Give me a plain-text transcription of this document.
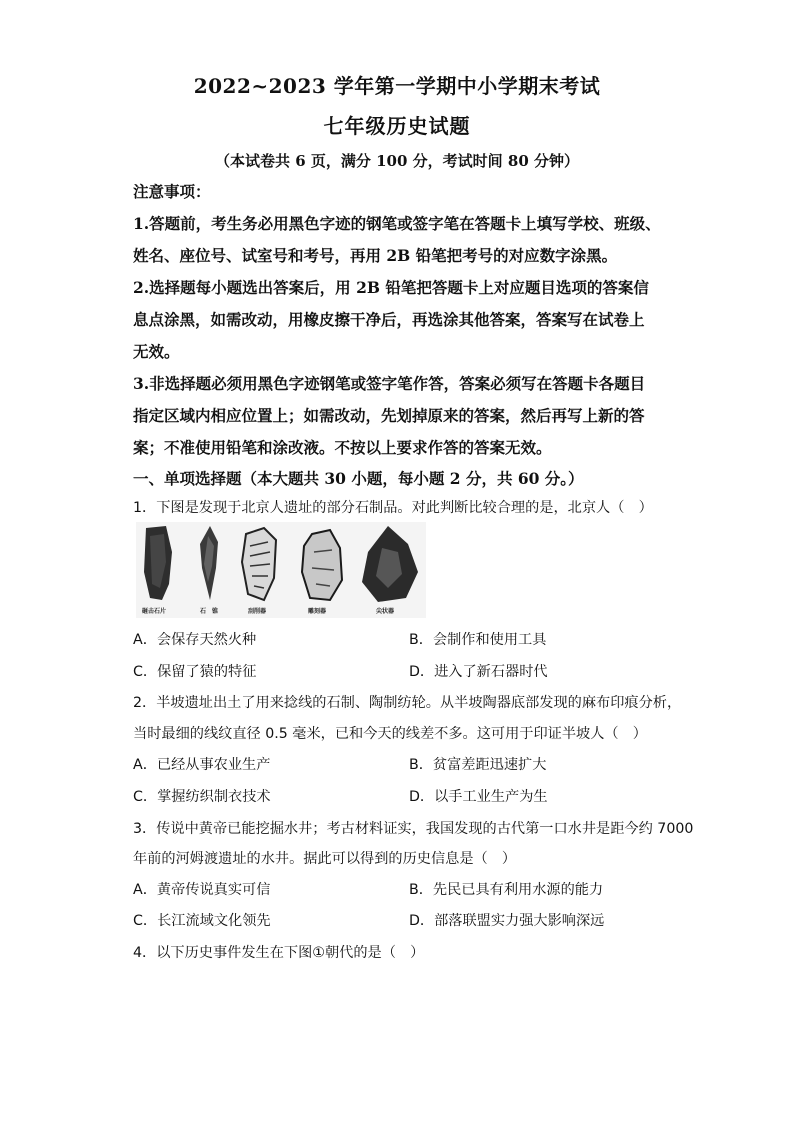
2022~2023 学年第一学期中小学期末考试
七年级历史试题
（本试卷共 6 页，满分 100 分，考试时间 80 分钟）
注意事项：
1.答题前，考生务必用黑色字迹的钢笔或签字笔在答题卡上填写学校、班级、
姓名、座位号、试室号和考号，再用 2B 铅笔把考号的对应数字涂黑。
2.选择题每小题选出答案后，用 2B 铅笔把答题卡上对应题目选项的答案信
息点涂黑，如需改动，用橡皮擦干净后，再选涂其他答案，答案写在试卷上
无效。
3.非选择题必须用黑色字迹钢笔或签字笔作答，答案必须写在答题卡各题目
指定区域内相应位置上；如需改动，先划掉原来的答案，然后再写上新的答
案；不准使用铅笔和涂改液。不按以上要求作答的答案无效。
一、单项选择题（本大题共 30 小题，每小题 2 分，共 60 分。）
1．下图是发现于北京人遗址的部分石制品。对此判断比较合理的是，北京人（　）
砸击石片	石　锥	刮削器	雕刻器	尖状器
A．会保存天然火种	B．会制作和使用工具
C．保留了猿的特征	D．进入了新石器时代
2．半坡遗址出土了用来捻线的石制、陶制纺轮。从半坡陶器底部发现的麻布印痕分析，
当时最细的线纹直径 0.5 毫米，已和今天的线差不多。这可用于印证半坡人（　）
A．已经从事农业生产	B．贫富差距迅速扩大
C．掌握纺织制衣技术	D．以手工业生产为生
3．传说中黄帝已能挖掘水井；考古材料证实，我国发现的古代第一口水井是距今约 7000
年前的河姆渡遗址的水井。据此可以得到的历史信息是（　）
A．黄帝传说真实可信	B．先民已具有利用水源的能力
C．长江流域文化领先	D．部落联盟实力强大影响深远
4．以下历史事件发生在下图①朝代的是（　）
